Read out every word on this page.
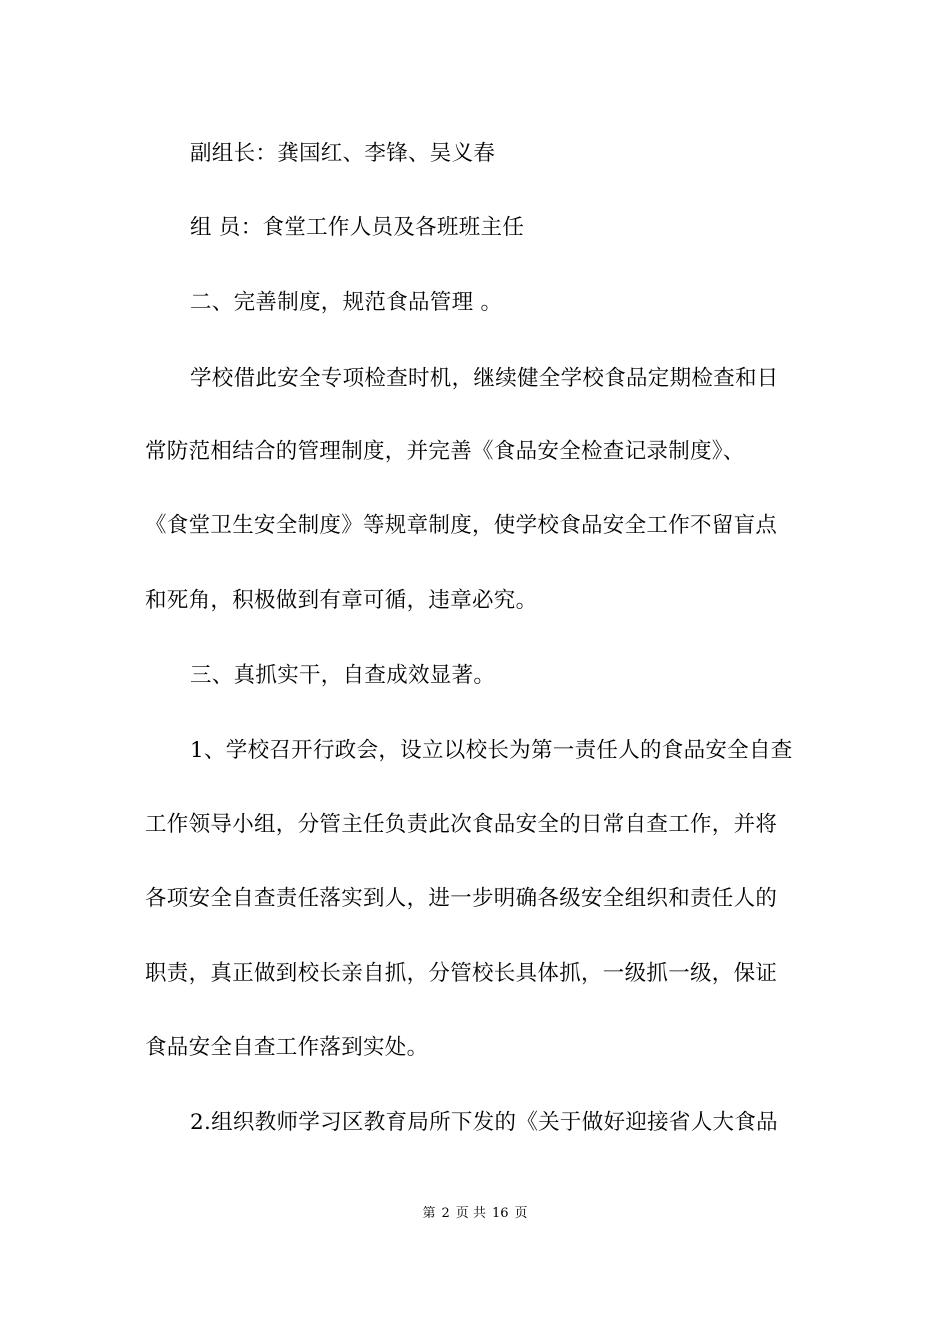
副组长：龚国红、李锋、吴义春
组 员：食堂工作人员及各班班主任
二、完善制度，规范食品管理 。
学校借此安全专项检查时机，继续健全学校食品定期检查和日
常防范相结合的管理制度，并完善《食品安全检查记录制度》、
《食堂卫生安全制度》等规章制度，使学校食品安全工作不留盲点
和死角，积极做到有章可循，违章必究。
三、真抓实干，自查成效显著。
1、学校召开行政会，设立以校长为第一责任人的食品安全自查
工作领导小组，分管主任负责此次食品安全的日常自查工作，并将
各项安全自查责任落实到人，进一步明确各级安全组织和责任人的
职责，真正做到校长亲自抓，分管校长具体抓，一级抓一级，保证
食品安全自查工作落到实处。
2.组织教师学习区教育局所下发的《关于做好迎接省人大食品
第 2 页 共 16 页
